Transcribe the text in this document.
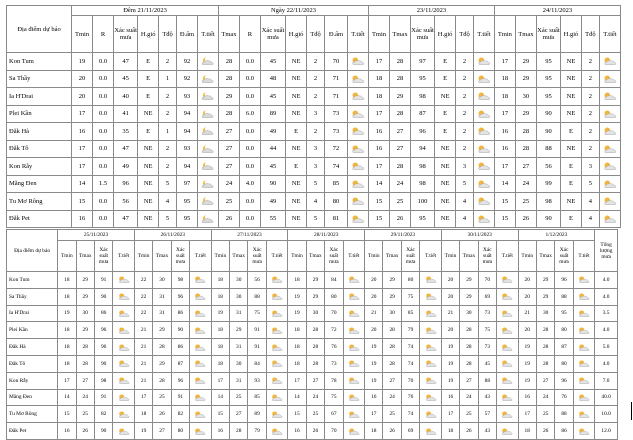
Địa điểm dự báo	Đêm 21/11/2023							Ngày 22/11/2023							23/11/2023						24/11/2023					
	Tmin	R	Xác suất mưa	H.gió	Tđộ	Đ.ẩm	T.tiết	Tmax	R	Xác suất mưa	H.gió	Tđộ	Đ.ẩm	T.tiết	Tmin	Tmax	Xác suất mưa	H.gió	Tđộ	T.tiết	Tmin	Tmax	Xác suất mưa	H.gió	Tđộ	T.tiết
Kon Tum	19	0.0	47	E	2	92		28	0.0	45	NE	2	70		17	28	97	E	2		17	29	95	NE	2	

Sa Thầy	20	0.0	45	E	1	92		28	0.0	48	NE	2	71		18	28	95	E	2		18	29	95	NE	2	

Ia H'Drai	20	0.0	40	E	2	93		29	0.0	45	NE	2	71		18	29	98	NE	2		18	30	95	NE	2	

Plei Kần	17	0.0	41	NE	2	94		28	6.0	89	NE	3	73		17	28	87	E	2		17	29	90	NE	2	

Đăk Hà	16	0.0	35	E	1	94		27	0.0	49	E	2	73		16	27	96	E	2		16	28	90	E	2	

Đăk Tô	17	0.0	47	NE	2	93		27	0.0	44	NE	3	72		16	27	94	NE	2		16	28	88	NE	2	

Kon Rẫy	17	0.0	49	NE	2	94		27	0.0	45	E	3	74		17	28	98	NE	3		17	27	56	E	3	

Măng Đen	14	1.5	96	NE	5	97		24	4.0	90	NE	5	85		14	24	98	NE	5		14	24	99	E	5	

Tu Mơ Rông	15	0.0	56	NE	4	95		25	0.0	49	NE	4	80		15	25	100	NE	4		15	25	98	NE	4	

Đăk Pet	16	0.0	47	NE	5	95		26	0.0	55	NE	5	81		15	26	95	NE	4		15	26	90	E	4	
Địa điểm dự báo	25/11/2023				26/11/2023				27/11/2023				28/11/2023				29/11/2023				30/11/2023				1/12/2023				Tổng lượng mưa
	Tmin	Tmax	Xác suất mưa	T.tiết	Tmin	Tmax	Xác suất mưa	T.tiết	Tmin	Tmax	Xác suất mưa	T.tiết	Tmin	Tmax	Xác suất mưa	T.tiết	Tmin	Tmax	Xác suất mưa	T.tiết	Tmin	Tmax	Xác suất mưa	T.tiết	Tmin	Tmax	Xác suất mưa	T.tiết	
Kon Tum	18	29	91		22	30	98		18	30	56		18	29	84		20	29	80		20	29	70		20	29	96		4.0
Sa Thầy	18	29	90		22	31	96		18	30	88		19	29	80		20	29	75		20	29	69		20	29	88		4.0
Ia H'Drai	19	30	86		22	31	86		19	31	75		19	30	70		21	30	85		21	30	73		21	30	95		3.5
Plei Kần	18	29	96		21	29	90		18	29	91		18	28	72		20	28	79		20	28	75		20	28	80		4.0
Đăk Hà	18	28	96		21	28	86		18	31	91		18	28	76		19	28	74		19	28	73		19	28	87		5.0
Đăk Tô	18	28	90		21	29	87		18	30	84		18	28	73		19	28	74		19	28	45		19	28	80		4.0
Kon Rẫy	17	27	98		21	28	96		17	31	93		17	27	78		19	27	70		19	27	88		19	27	96		7.0
Măng Đen	14	24	91		17	25	91		14	25	85		14	24	75		16	24	76		16	24	43		16	24	76		40.0
Tu Mơ Rông	15	25	82		18	26	82		15	27	89		15	25	67		17	25	74		17	25	57		17	25	88		10.0
Đăk Pet	16	26	90		19	27	80		16	28	79		16	26	70		18	26	69		18	26	43		18	26	86		12.0
